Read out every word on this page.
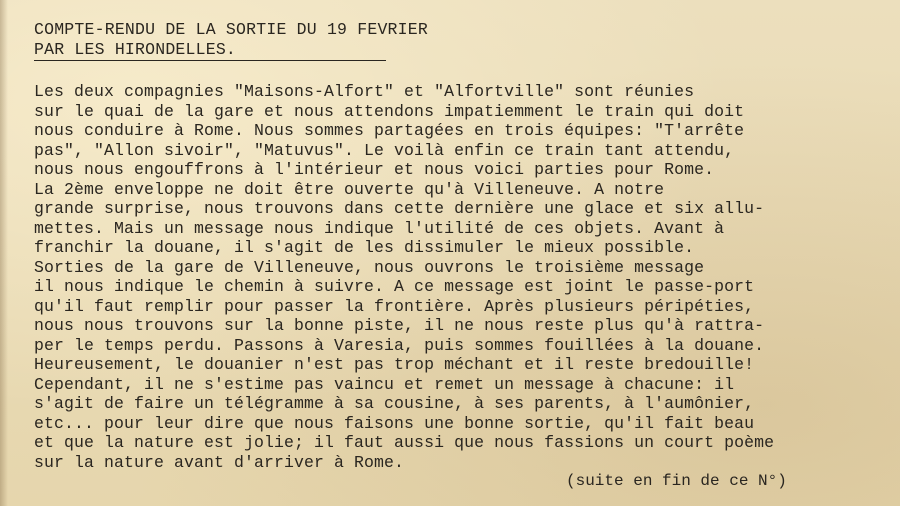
COMPTE-RENDU DE LA SORTIE DU 19 FEVRIER
PAR LES HIRONDELLES.
Les deux compagnies "Maisons-Alfort" et "Alfortville" sont réunies
sur le quai de la gare et nous attendons impatiemment le train qui doit
nous conduire à Rome. Nous sommes partagées en trois équipes: "T'arrête
pas", "Allon sivoir", "Matuvus". Le voilà enfin ce train tant attendu,
nous nous engouffrons à l'intérieur et nous voici parties pour Rome.
La 2ème enveloppe ne doit être ouverte qu'à Villeneuve. A notre
grande surprise, nous trouvons dans cette dernière une glace et six allu-
mettes. Mais un message nous indique l'utilité de ces objets. Avant à
franchir la douane, il s'agit de les dissimuler le mieux possible.
Sorties de la gare de Villeneuve, nous ouvrons le troisième message
il nous indique le chemin à suivre. A ce message est joint le passe-port
qu'il faut remplir pour passer la frontière. Après plusieurs péripéties,
nous nous trouvons sur la bonne piste, il ne nous reste plus qu'à rattra-
per le temps perdu. Passons à Varesia, puis sommes fouillées à la douane.
Heureusement, le douanier n'est pas trop méchant et il reste bredouille!
Cependant, il ne s'estime pas vaincu et remet un message à chacune: il
s'agit de faire un télégramme à sa cousine, à ses parents, à l'aumônier,
etc... pour leur dire que nous faisons une bonne sortie, qu'il fait beau
et que la nature est jolie; il faut aussi que nous fassions un court poème
sur la nature avant d'arriver à Rome.
(suite en fin de ce N°)
